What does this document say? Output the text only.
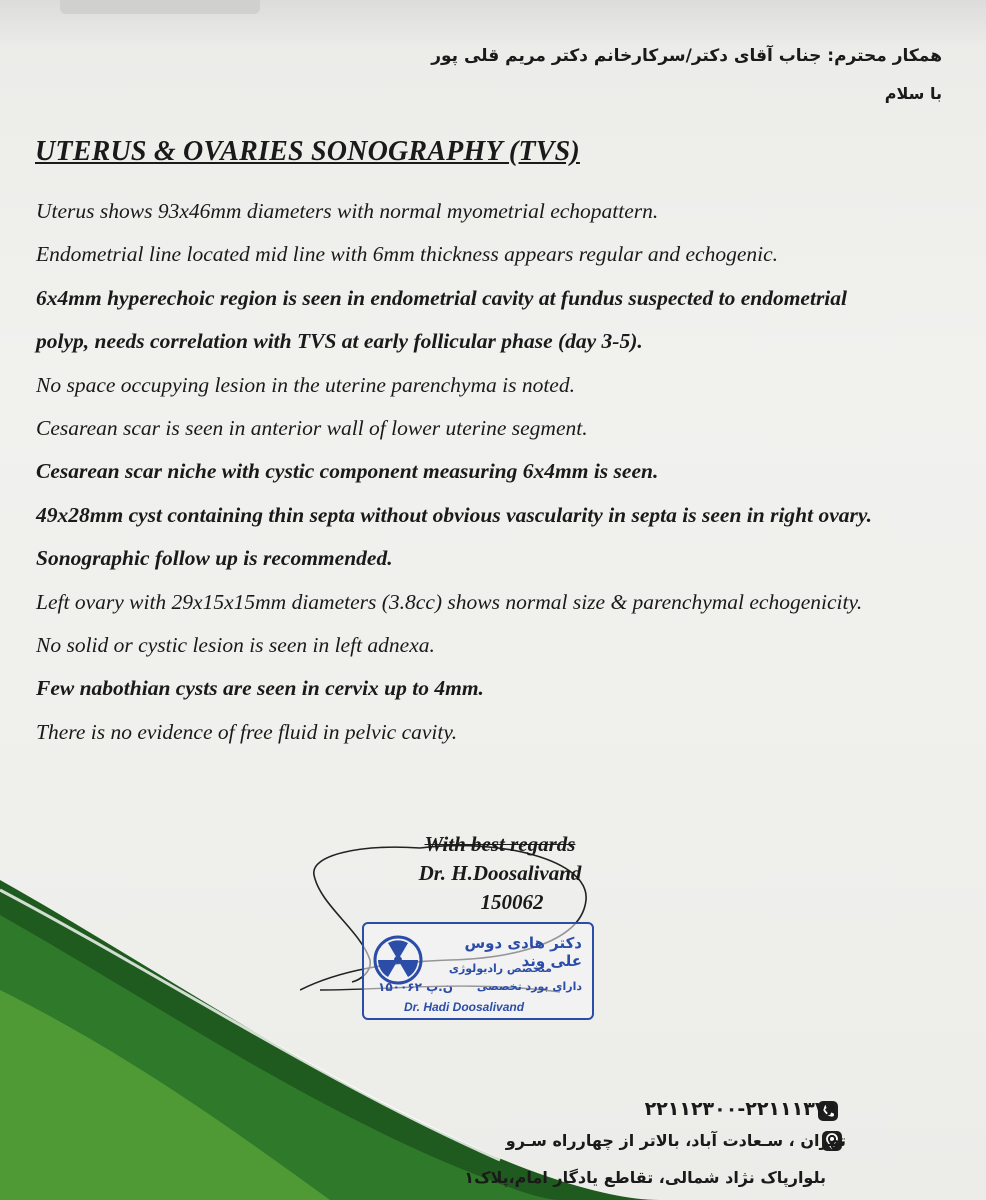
همکار محترم: جناب آقای دکتر/سرکارخانم دکتر مریم قلی پور
با سلام
UTERUS & OVARIES SONOGRAPHY (TVS)
Uterus shows 93x46mm diameters with normal myometrial echopattern.
Endometrial line located mid line with 6mm thickness appears regular and echogenic.
6x4mm hyperechoic region is seen in endometrial cavity at fundus suspected to endometrial
polyp, needs correlation with TVS at early follicular phase (day 3-5).
No space occupying lesion in the uterine parenchyma is noted.
Cesarean scar is seen in anterior wall of lower uterine segment.
Cesarean scar niche with cystic component measuring 6x4mm is seen.
49x28mm cyst containing thin septa without obvious vascularity in septa is seen in right ovary.
Sonographic follow up is recommended.
Left ovary with 29x15x15mm diameters (3.8cc) shows normal size & parenchymal echogenicity.
No solid or cystic lesion is seen in left adnexa.
Few nabothian cysts are seen in cervix up to 4mm.
There is no evidence of free fluid in pelvic cavity.
With best regards
Dr. H.Doosalivand
150062
دکتر هادی دوس علی وند
متخصص رادیولوژی
دارای بورد تخصصی
۱۵۰۰۶۲ ن.پ
Dr. Hadi Doosalivand
۲۲۱۱۲۳۰۰-۲۲۱۱۱۳۷۸
تهران ، سـعادت آباد، بالاتر از چهارراه سـرو
بلوارپاک نژاد شمالی، تقاطع یادگار امام،پلاک۱
